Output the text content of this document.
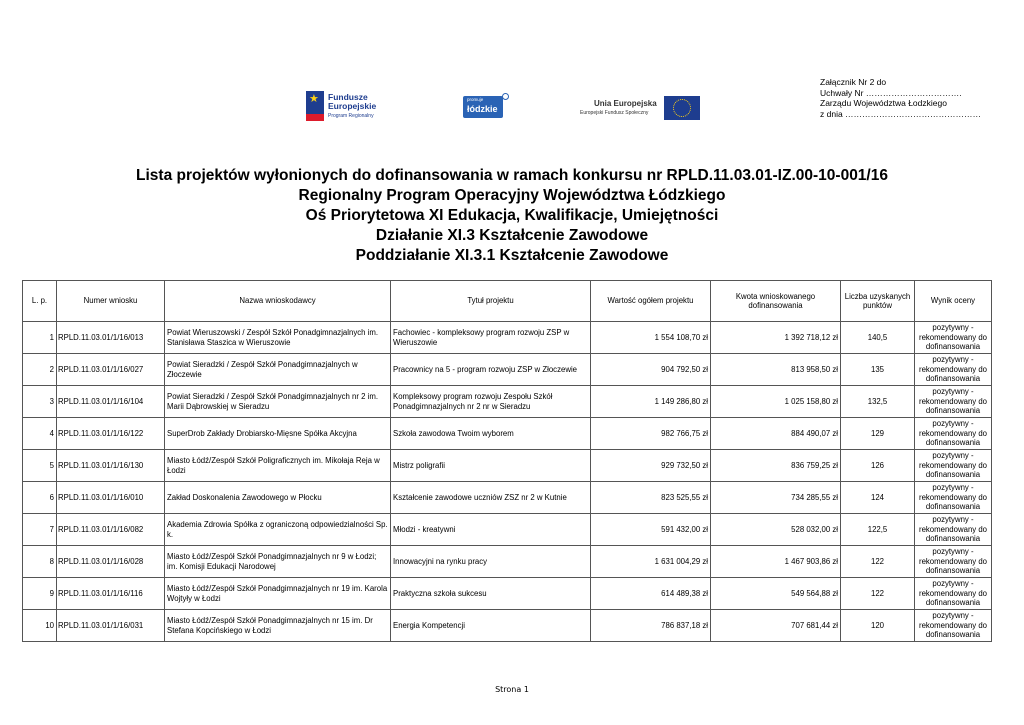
Załącznik Nr 2 do
Uchwały Nr …………………………….
Zarządu Województwa Łodzkiego
z dnia …………………………………………
★ Fundusze
Europejskie
Program Regionalny
promuje
łódzkie
Unia Europejska
Europejski Fundusz Społeczny
Lista projektów wyłonionych do dofinansowania w ramach konkursu nr RPLD.11.03.01-IZ.00-10-001/16
Regionalny Program Operacyjny Województwa Łódzkiego
Oś Priorytetowa XI Edukacja, Kwalifikacje, Umiejętności
Działanie XI.3 Kształcenie Zawodowe
Poddziałanie XI.3.1 Kształcenie Zawodowe
L. p.	Numer wniosku	Nazwa wnioskodawcy	Tytuł projektu	Wartość ogółem projektu	Kwota wnioskowanego dofinansowania	Liczba uzyskanych punktów	Wynik oceny
1	RPLD.11.03.01/1/16/013	Powiat Wieruszowski / Zespół Szkół Ponadgimnazjalnych im. Stanisława Staszica w Wieruszowie	Fachowiec - kompleksowy program rozwoju ZSP w Wieruszowie	1 554 108,70 zł	1 392 718,12 zł	140,5	pozytywny - rekomendowany do dofinansowania
2	RPLD.11.03.01/1/16/027	Powiat Sieradzki / Zespół Szkół Ponadgimnazjalnych w Złoczewie	Pracownicy na 5 - program rozwoju ZSP w Złoczewie	904 792,50 zł	813 958,50 zł	135	pozytywny - rekomendowany do dofinansowania
3	RPLD.11.03.01/1/16/104	Powiat Sieradzki / Zespół Szkół Ponadgimnazjalnych nr 2 im. Marii Dąbrowskiej w Sieradzu	Kompleksowy program rozwoju Zespołu Szkół Ponadgimnazjalnych nr 2 nr w Sieradzu	1 149 286,80 zł	1 025 158,80 zł	132,5	pozytywny - rekomendowany do dofinansowania
4	RPLD.11.03.01/1/16/122	SuperDrob Zakłady Drobiarsko-Mięsne Spółka Akcyjna	Szkoła zawodowa Twoim wyborem	982 766,75 zł	884 490,07 zł	129	pozytywny - rekomendowany do dofinansowania
5	RPLD.11.03.01/1/16/130	Miasto Łódź/Zespół Szkół Poligraficznych im. Mikołaja Reja w Łodzi	Mistrz poligrafii	929 732,50 zł	836 759,25 zł	126	pozytywny - rekomendowany do dofinansowania
6	RPLD.11.03.01/1/16/010	Zakład Doskonalenia Zawodowego w Płocku	Kształcenie zawodowe uczniów ZSZ nr 2 w Kutnie	823 525,55 zł	734 285,55 zł	124	pozytywny - rekomendowany do dofinansowania
7	RPLD.11.03.01/1/16/082	Akademia Zdrowia Spółka z ograniczoną odpowiedzialności Sp. k.	Młodzi - kreatywni	591 432,00 zł	528 032,00 zł	122,5	pozytywny - rekomendowany do dofinansowania
8	RPLD.11.03.01/1/16/028	Miasto Łódź/Zespół Szkół Ponadgimnazjalnych nr 9 w Łodzi; im. Komisji Edukacji Narodowej	Innowacyjni na rynku pracy	1 631 004,29 zł	1 467 903,86 zł	122	pozytywny - rekomendowany do dofinansowania
9	RPLD.11.03.01/1/16/116	Miasto Łódź/Zespół Szkół Ponadgimnazjalnych nr 19 im. Karola Wojtyły w Łodzi	Praktyczna szkoła sukcesu	614 489,38 zł	549 564,88 zł	122	pozytywny - rekomendowany do dofinansowania
10	RPLD.11.03.01/1/16/031	Miasto Łódź/Zespół Szkół Ponadgimnazjalnych nr 15 im. Dr Stefana Kopcińskiego w Łodzi	Energia Kompetencji	786 837,18 zł	707 681,44 zł	120	pozytywny - rekomendowany do dofinansowania
Strona 1
